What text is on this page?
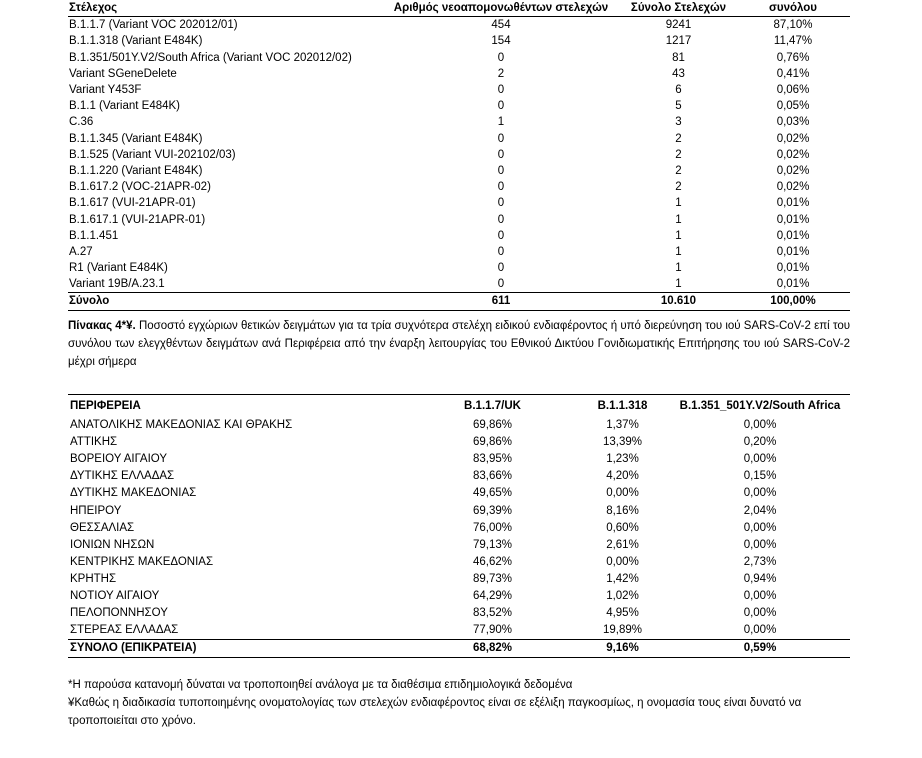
Στέλεχος	Αριθμός νεοαπομονωθέντων στελεχών	Σύνολο Στελεχών	συνόλου
B.1.1.7 (Variant VOC 202012/01)	454	9241	87,10%
B.1.1.318 (Variant E484K)	154	1217	11,47%
B.1.351/501Y.V2/South Africa (Variant VOC 202012/02)	0	81	0,76%
Variant SGeneDelete	2	43	0,41%
Variant Y453F	0	6	0,06%
B.1.1 (Variant E484K)	0	5	0,05%
C.36	1	3	0,03%
B.1.1.345 (Variant E484K)	0	2	0,02%
B.1.525 (Variant VUI-202102/03)	0	2	0,02%
B.1.1.220 (Variant E484K)	0	2	0,02%
B.1.617.2 (VOC-21APR-02)	0	2	0,02%
B.1.617 (VUI-21APR-01)	0	1	0,01%
B.1.617.1 (VUI-21APR-01)	0	1	0,01%
B.1.1.451	0	1	0,01%
A.27	0	1	0,01%
R1 (Variant E484K)	0	1	0,01%
Variant 19B/A.23.1	0	1	0,01%
Σύνολο	611	10.610	100,00%
Πίνακας 4*¥. Ποσοστό εγχώριων θετικών δειγμάτων για τα τρία συχνότερα στελέχη ειδικού ενδιαφέροντος ή υπό διερεύνηση του ιού SARS-CoV-2 επί του συνόλου των ελεγχθέντων δειγμάτων ανά Περιφέρεια από την έναρξη λειτουργίας του Εθνικού Δικτύου Γονιδιωματικής Επιτήρησης του ιού SARS-CoV-2 μέχρι σήμερα
ΠΕΡΙΦΕΡΕΙΑ	B.1.1.7/UK	B.1.1.318	B.1.351_501Y.V2/South Africa
ΑΝΑΤΟΛΙΚΗΣ ΜΑΚΕΔΟΝΙΑΣ ΚΑΙ ΘΡΑΚΗΣ	69,86%	1,37%	0,00%
ΑΤΤΙΚΗΣ	69,86%	13,39%	0,20%
ΒΟΡΕΙΟΥ ΑΙΓΑΙΟΥ	83,95%	1,23%	0,00%
ΔΥΤΙΚΗΣ ΕΛΛΑΔΑΣ	83,66%	4,20%	0,15%
ΔΥΤΙΚΗΣ ΜΑΚΕΔΟΝΙΑΣ	49,65%	0,00%	0,00%
ΗΠΕΙΡΟΥ	69,39%	8,16%	2,04%
ΘΕΣΣΑΛΙΑΣ	76,00%	0,60%	0,00%
ΙΟΝΙΩΝ ΝΗΣΩΝ	79,13%	2,61%	0,00%
ΚΕΝΤΡΙΚΗΣ ΜΑΚΕΔΟΝΙΑΣ	46,62%	0,00%	2,73%
ΚΡΗΤΗΣ	89,73%	1,42%	0,94%
ΝΟΤΙΟΥ ΑΙΓΑΙΟΥ	64,29%	1,02%	0,00%
ΠΕΛΟΠΟΝΝΗΣΟΥ	83,52%	4,95%	0,00%
ΣΤΕΡΕΑΣ ΕΛΛΑΔΑΣ	77,90%	19,89%	0,00%
ΣΥΝΟΛΟ (ΕΠΙΚΡΑΤΕΙΑ)	68,82%	9,16%	0,59%

*Η παρούσα κατανομή δύναται να τροποποιηθεί ανάλογα με τα διαθέσιμα επιδημιολογικά δεδομένα

¥Καθώς η διαδικασία τυποποιημένης ονοματολογίας των στελεχών ενδιαφέροντος είναι σε εξέλιξη παγκοσμίως, η ονομασία τους είναι δυνατό να τροποποιείται στο χρόνο.
